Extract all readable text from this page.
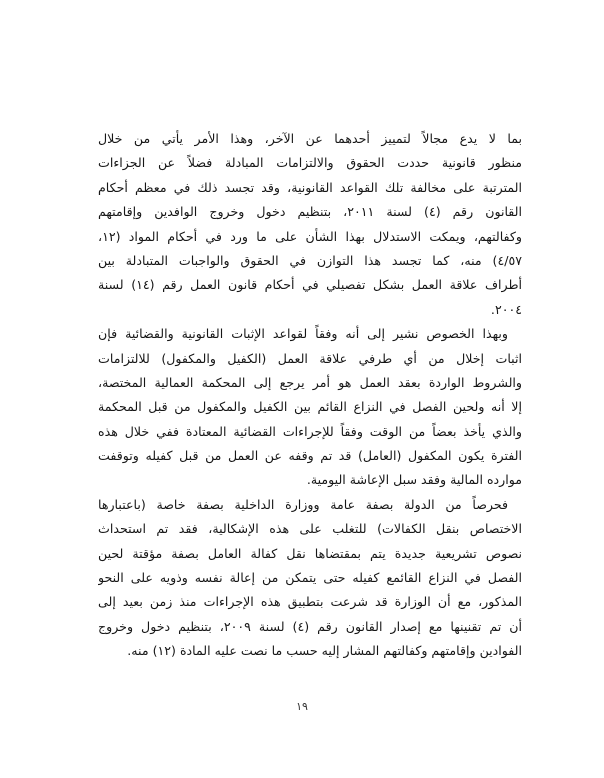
بما لا يدع مجالاً لتمييز أحدهما عن الآخر، وهذا الأمر يأتي من خلال
منظور قانونية حددت الحقوق والالتزامات المبادلة فضلاً عن الجزاءات
المترتبة على مخالفة تلك القواعد القانونية، وقد تجسد ذلك في معظم أحكام
القانون رقم (٤) لسنة ٢٠١١، بتنظيم دخول وخروج الوافدين وإقامتهم
وكفالتهم، ويمكت الاستدلال بهذا الشأن على ما ورد في أحكام المواد (١٢،
٤/٥٧) منه، كما تجسد هذا التوازن في الحقوق والواجبات المتبادلة بين
أطراف علاقة العمل بشكل تفصيلي في أحكام قانون العمل رقم (١٤) لسنة
٢٠٠٤.
وبهذا الخصوص نشير إلى أنه وفقاً لقواعد الإثبات القانونية والقضائية فإن
اثبات إخلال من أي طرفي علاقة العمل (الكفيل والمكفول) للالتزامات
والشروط الواردة بعقد العمل هو أمر يرجع إلى المحكمة العمالية المختصة،
إلا أنه ولحين الفصل في النزاع القائم بين الكفيل والمكفول من قبل المحكمة
والذي يأخذ بعضاً من الوقت وفقاً للإجراءات القضائية المعتادة ففي خلال هذه
الفترة يكون المكفول (العامل) قد تم وقفه عن العمل من قبل كفيله وتوقفت
موارده المالية وفقد سبل الإعاشة اليومية.
فحرصاً من الدولة بصفة عامة ووزارة الداخلية بصفة خاصة (باعتبارها
الاختصاص بنقل الكفالات) للتغلب على هذه الإشكالية، فقد تم استحداث
نصوص تشريعية جديدة يتم بمقتضاها نقل كفالة العامل بصفة مؤقتة لحين
الفصل في النزاع القائمع كفيله حتى يتمكن من إعالة نفسه وذويه على النحو
المذكور، مع أن الوزارة قد شرعت بتطبيق هذه الإجراءات منذ زمن بعيد إلى
أن تم تقنينها مع إصدار القانون رقم (٤) لسنة ٢٠٠٩، بتنظيم دخول وخروج
الفوادين وإقامتهم وكفالتهم المشار إليه حسب ما نصت عليه المادة (١٢) منه.
١٩
